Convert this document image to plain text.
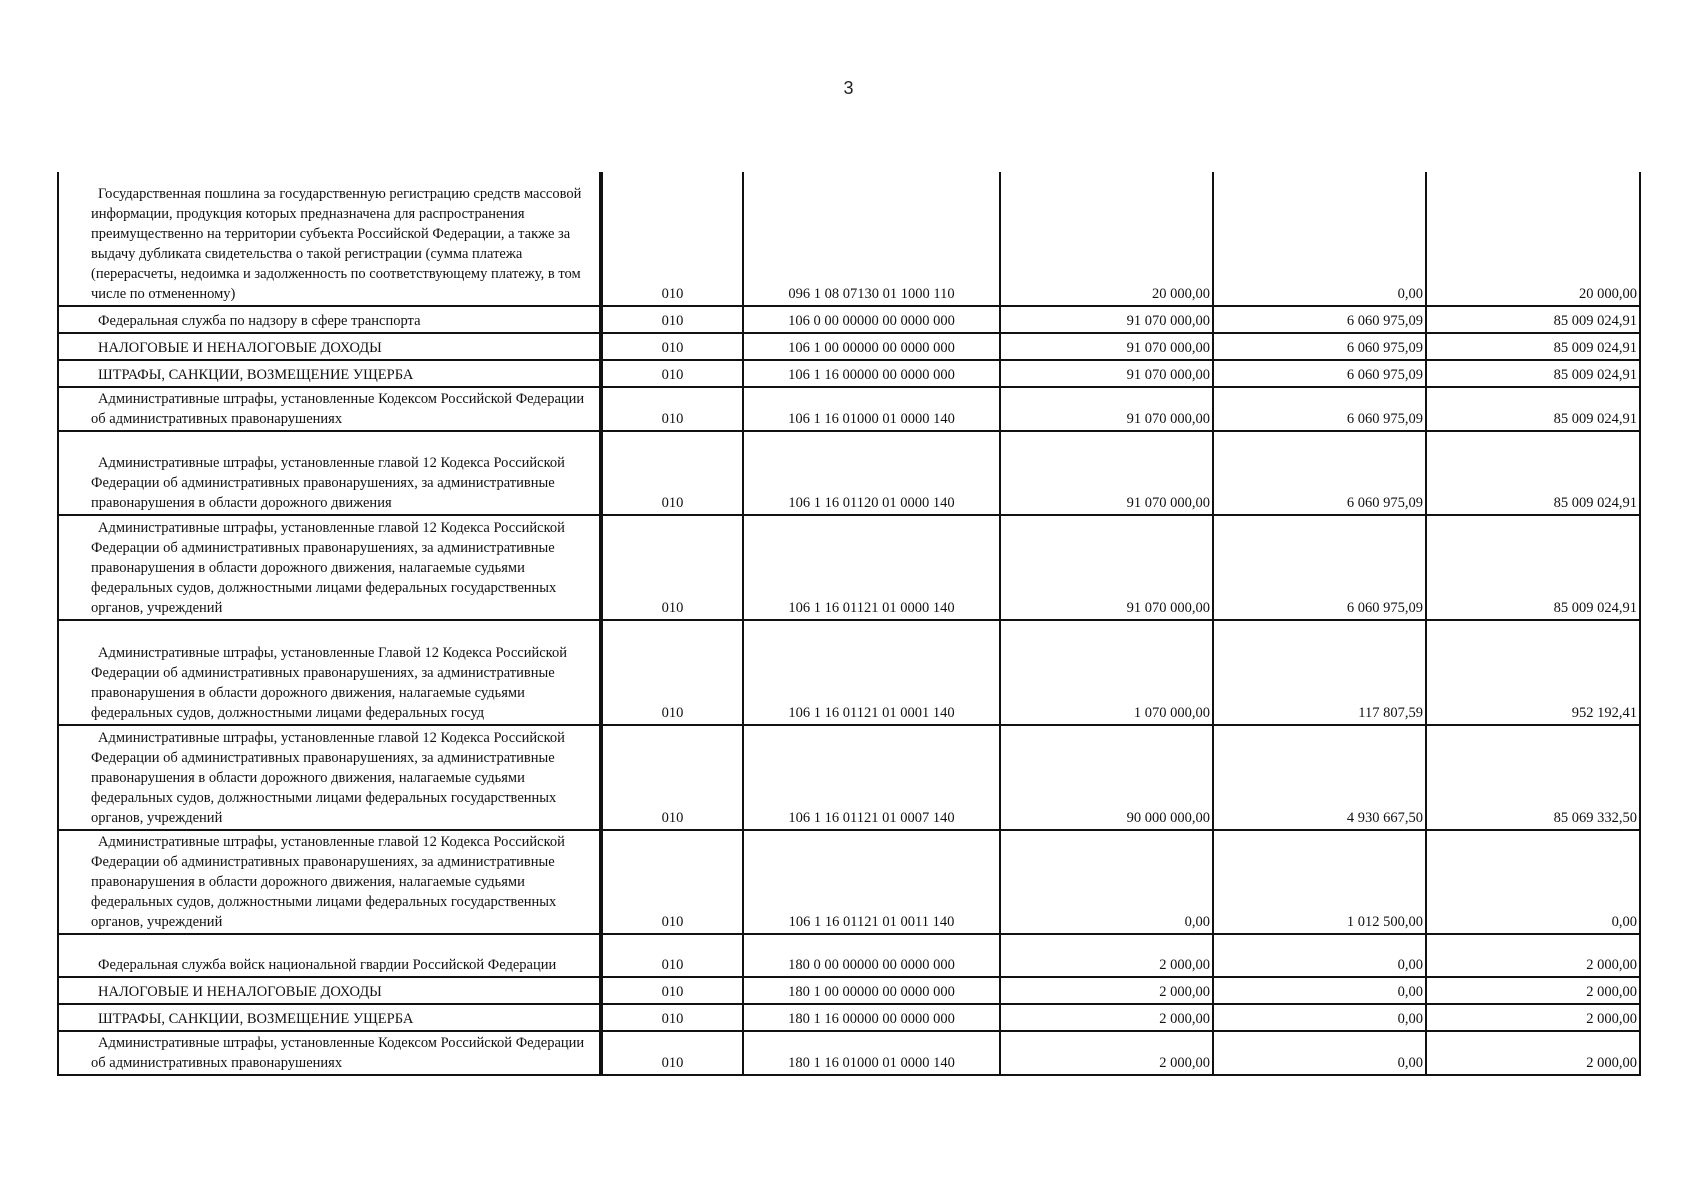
3
Государственная пошлина за государственную регистрацию средств массовой информации, продукция которых предназначена для распространения преимущественно на территории субъекта Российской Федерации, а также за выдачу дубликата свидетельства о такой регистрации (сумма платежа (перерасчеты, недоимка и задолженность по соответствующему платежу, в том числе по отмененному)	010	096 1 08 07130 01 1000 110	20 000,00	0,00	20 000,00
Федеральная служба по надзору в сфере транспорта	010	106 0 00 00000 00 0000 000	91 070 000,00	6 060 975,09	85 009 024,91
НАЛОГОВЫЕ И НЕНАЛОГОВЫЕ ДОХОДЫ	010	106 1 00 00000 00 0000 000	91 070 000,00	6 060 975,09	85 009 024,91
ШТРАФЫ, САНКЦИИ, ВОЗМЕЩЕНИЕ УЩЕРБА	010	106 1 16 00000 00 0000 000	91 070 000,00	6 060 975,09	85 009 024,91
Административные штрафы, установленные Кодексом Российской Федерации об административных правонарушениях	010	106 1 16 01000 01 0000 140	91 070 000,00	6 060 975,09	85 009 024,91
Административные штрафы, установленные главой 12 Кодекса Российской Федерации об административных правонарушениях, за административные правонарушения в области дорожного движения	010	106 1 16 01120 01 0000 140	91 070 000,00	6 060 975,09	85 009 024,91
Административные штрафы, установленные главой 12 Кодекса Российской Федерации об административных правонарушениях, за административные правонарушения в области дорожного движения, налагаемые судьями федеральных судов, должностными лицами федеральных государственных органов, учреждений	010	106 1 16 01121 01 0000 140	91 070 000,00	6 060 975,09	85 009 024,91
Административные штрафы, установленные Главой 12 Кодекса Российской Федерации об административных правонарушениях, за административные правонарушения в области дорожного движения, налагаемые судьями федеральных судов, должностными лицами федеральных госуд	010	106 1 16 01121 01 0001 140	1 070 000,00	117 807,59	952 192,41
Административные штрафы, установленные главой 12 Кодекса Российской Федерации об административных правонарушениях, за административные правонарушения в области дорожного движения, налагаемые судьями федеральных судов, должностными лицами федеральных государственных органов, учреждений	010	106 1 16 01121 01 0007 140	90 000 000,00	4 930 667,50	85 069 332,50
Административные штрафы, установленные главой 12 Кодекса Российской Федерации об административных правонарушениях, за административные правонарушения в области дорожного движения, налагаемые судьями федеральных судов, должностными лицами федеральных государственных органов, учреждений	010	106 1 16 01121 01 0011 140	0,00	1 012 500,00	0,00
Федеральная служба войск национальной гвардии Российской Федерации	010	180 0 00 00000 00 0000 000	2 000,00	0,00	2 000,00
НАЛОГОВЫЕ И НЕНАЛОГОВЫЕ ДОХОДЫ	010	180 1 00 00000 00 0000 000	2 000,00	0,00	2 000,00
ШТРАФЫ, САНКЦИИ, ВОЗМЕЩЕНИЕ УЩЕРБА	010	180 1 16 00000 00 0000 000	2 000,00	0,00	2 000,00
Административные штрафы, установленные Кодексом Российской Федерации об административных правонарушениях	010	180 1 16 01000 01 0000 140	2 000,00	0,00	2 000,00
